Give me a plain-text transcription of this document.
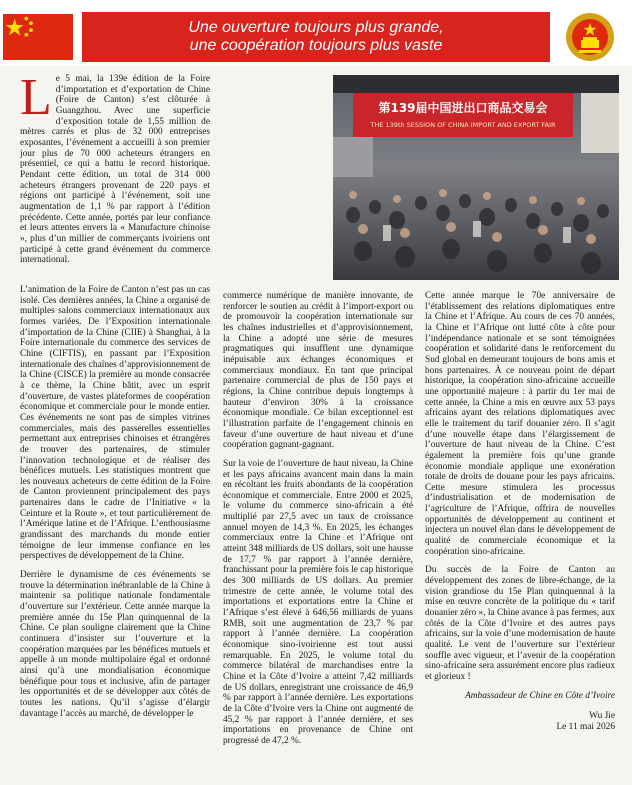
Une ouverture toujours plus grande,
une coopération toujours plus vaste

Le 5 mai, la 139e édition de la Foire d’importation et d’exportation de Chine (Foire de Canton) s’est clôturée à Guangzhou. Avec une superficie d’exposition totale de 1,55 million de mètres carrés et plus de 32 000 entreprises exposantes, l’événement a accueilli à son premier jour plus de 70 000 acheteurs étrangers en présentiel, ce qui a battu le record historique. Pendant cette édition, un total de 314 000 acheteurs étrangers provenant de 220 pays et régions ont participé à l’événement, soit une augmentation de 1,1 % par rapport à l’édition précédente. Cette année, portés par leur confiance et leurs attentes envers la « Manufacture chinoise », plus d’un millier de commerçants ivoiriens ont participé à cette grand événement du commerce international.

第139届中国进出口商品交易会
THE 139th SESSION OF CHINA IMPORT AND EXPORT FAIR

L’animation de la Foire de Canton n’est pas un cas isolé. Ces dernières années, la Chine a organisé de multiples salons commerciaux internationaux aux formes variées. De l’Exposition internationale d’importation de la Chine (CIIE) à Shanghai, à la Foire internationale du commerce des services de Chine (CIFTIS), en passant par l’Exposition internationale des chaînes d’approvisionnement de la Chine (CISCE) la première au monde consacrée à ce thème, la Chine bâtit, avec un esprit d’ouverture, de vastes plateformes de coopération économique et commerciale pour le monde entier. Ces événements ne sont pas de simples vitrines commerciales, mais des passerelles essentielles permettant aux entreprises chinoises et étrangères de trouver des partenaires, de stimuler l’innovation technologique et de réaliser des bénéfices mutuels. Les statistiques montrent que les nouveaux acheteurs de cette édition de la Foire de Canton proviennent principalement des pays partenaires dans le cadre de l’Initiative « la Ceinture et la Route », et tout particulièrement de l’Amérique latine et de l’Afrique. L’enthousiasme grandissant des marchands du monde entier témoigne de leur immense confiance en les perspectives de développement de la Chine.

Derrière le dynamisme de ces événements se trouve la détermination inébranlable de la Chine à maintenir sa politique nationale fondamentale d’ouverture sur l’extérieur. Cette année marque la première année du 15e Plan quinquennal de la Chine. Ce plan souligne clairement que la Chine continuera d’insister sur l’ouverture et la coopération marquées par les bénéfices mutuels et appelle à un monde multipolaire égal et ordonné ainsi qu’à une mondialisation économique bénéfique pour tous et inclusive, afin de partager les opportunités et de se développer aux côtés de toutes les nations. Qu’il s’agisse d’élargir davantage l’accès au marché, de développer le

commerce numérique de manière innovante, de renforcer le soutien au crédit à l’import-export ou de promouvoir la coopération internationale sur les chaînes industrielles et d’approvisionnement, la Chine a adopté une série de mesures pragmatiques qui insufflent une dynamique inépuisable aux échanges économiques et commerciaux mondiaux. En tant que principal partenaire commercial de plus de 150 pays et régions, la Chine contribue depuis longtemps à hauteur d’environ 30% à la croissance économique mondiale. Ce bilan exceptionnel est l’illustration parfaite de l’engagement chinois en faveur d’une ouverture de haut niveau et d’une coopération gagnant-gagnant.

Sur la voie de l’ouverture de haut niveau, la Chine et les pays africains avancent main dans la main en récoltant les fruits abondants de la coopération économique et commerciale. Entre 2000 et 2025, le volume du commerce sino-africain a été multiplié par 27,5 avec un taux de croissance annuel moyen de 14,3 %. En 2025, les échanges commerciaux entre la Chine et l’Afrique ont atteint 348 milliards de US dollars, soit une hausse de 17,7 % par rapport à l’année dernière, franchissant pour la première fois le cap historique des 300 milliards de US dollars. Au premier trimestre de cette année, le volume total des importations et exportations entre la Chine et l’Afrique s’est élevé à 646,56 milliards de yuans RMB, soit une augmentation de 23,7 % par rapport à l’année dernière. La coopération économique sino-ivoirienne est tout aussi remarquable. En 2025, le volume total du commerce bilatéral de marchandises entre la Chine et la Côte d’Ivoire a atteint 7,42 milliards de US dollars, enregistrant une croissance de 46,9 % par rapport à l’année dernière. Les exportations de la Côte d’Ivoire vers la Chine ont augmenté de 45,2 % par rapport à l’année dernière, et ses importations en provenance de Chine ont progressé de 47,2 %.

Cette année marque le 70e anniversaire de l’établissement des relations diplomatiques entre la Chine et l’Afrique. Au cours de ces 70 années, la Chine et l’Afrique ont lutté côte à côte pour l’indépendance nationale et se sont témoignées coopération et solidarité dans le renforcement du Sud global en demeurant toujours de bons amis et bons partenaires. À ce nouveau point de départ historique, la coopération sino-africaine accueille une opportunité majeure : à partir du 1er mai de cette année, la Chine a mis en œuvre aux 53 pays africains ayant des relations diplomatiques avec elle le traitement du tarif douanier zéro. Il s’agit d’une nouvelle étape dans l’élargissement de l’ouverture de haut niveau de la Chine. C’est également la première fois qu’une grande économie mondiale applique une exonération totale de droits de douane pour les pays africains. Cette mesure stimulera les processus d’industrialisation et de modernisation de l’agriculture de l’Afrique, offrira de nouvelles opportunités de développement au continent et injectera un nouvel élan dans le développement de qualité de commerciale économique et la coopération sino-africaine.

Du succès de la Foire de Canton au développement des zones de libre-échange, de la vision grandiose du 15e Plan quinquennal à la mise en œuvre concrète de la politique du « tarif douanier zéro », la Chine avance à pas fermes, aux côtés de la Côte d’Ivoire et des autres pays africains, sur la voie d’une modernisation de haute qualité. Le vent de l’ouverture sur l’extérieur souffle avec vigueur, et l’avenir de la coopération sino-africaine sera assurément encore plus radieux et glorieux !

Ambassadeur de Chine en Côte d’Ivoire
Wu Jie
Le 11 mai 2026
